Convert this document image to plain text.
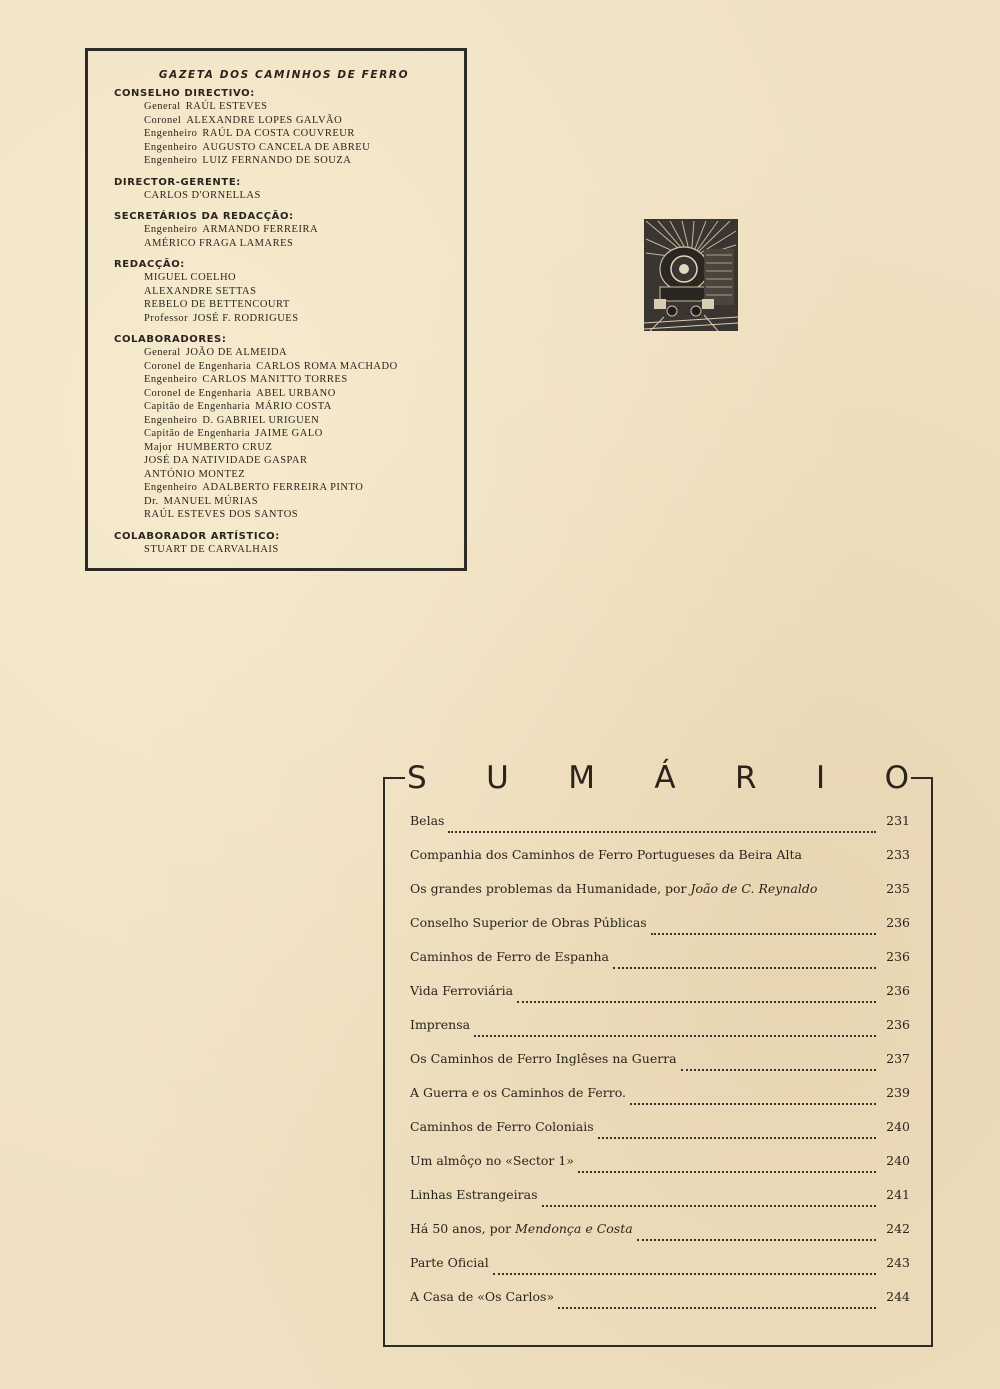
GAZETA DOS CAMINHOS DE FERRO
CONSELHO DIRECTIVO:
General RAÚL ESTEVES
Coronel ALEXANDRE LOPES GALVÃO
Engenheiro RAÚL DA COSTA COUVREUR
Engenheiro AUGUSTO CANCELA DE ABREU
Engenheiro LUIZ FERNANDO DE SOUZA
DIRECTOR-GERENTE:
CARLOS D'ORNELLAS
SECRETÁRIOS DA REDACÇÃO:
Engenheiro ARMANDO FERREIRA
AMÉRICO FRAGA LAMARES
REDACÇÃO:
MIGUEL COELHO
ALEXANDRE SETTAS
REBELO DE BETTENCOURT
Professor JOSÉ F. RODRIGUES
COLABORADORES:
General JOÃO DE ALMEIDA
Coronel de Engenharia CARLOS ROMA MACHADO
Engenheiro CARLOS MANITTO TORRES
Coronel de Engenharia ABEL URBANO
Capitão de Engenharia MÁRIO COSTA
Engenheiro D. GABRIEL URIGUEN
Capitão de Engenharia JAIME GALO
Major HUMBERTO CRUZ
JOSÉ DA NATIVIDADE GASPAR
ANTÓNIO MONTEZ
Engenheiro ADALBERTO FERREIRA PINTO
Dr. MANUEL MÚRIAS
RAÚL ESTEVES DOS SANTOS
COLABORADOR ARTÍSTICO:
STUART DE CARVALHAIS
S U M Á R I O
Belas	231
Companhia dos Caminhos de Ferro Portugueses da Beira Alta	233
Os grandes problemas da Humanidade, por João de C. Reynaldo	235
Conselho Superior de Obras Públicas	236
Caminhos de Ferro de Espanha	236
Vida Ferroviária	236
Imprensa	236
Os Caminhos de Ferro Inglêses na Guerra	237
A Guerra e os Caminhos de Ferro.	239
Caminhos de Ferro Coloniais	240
Um almôço no «Sector 1»	240
Linhas Estrangeiras	241
Há 50 anos, por Mendonça e Costa	242
Parte Oficial	243
A Casa de «Os Carlos»	244
